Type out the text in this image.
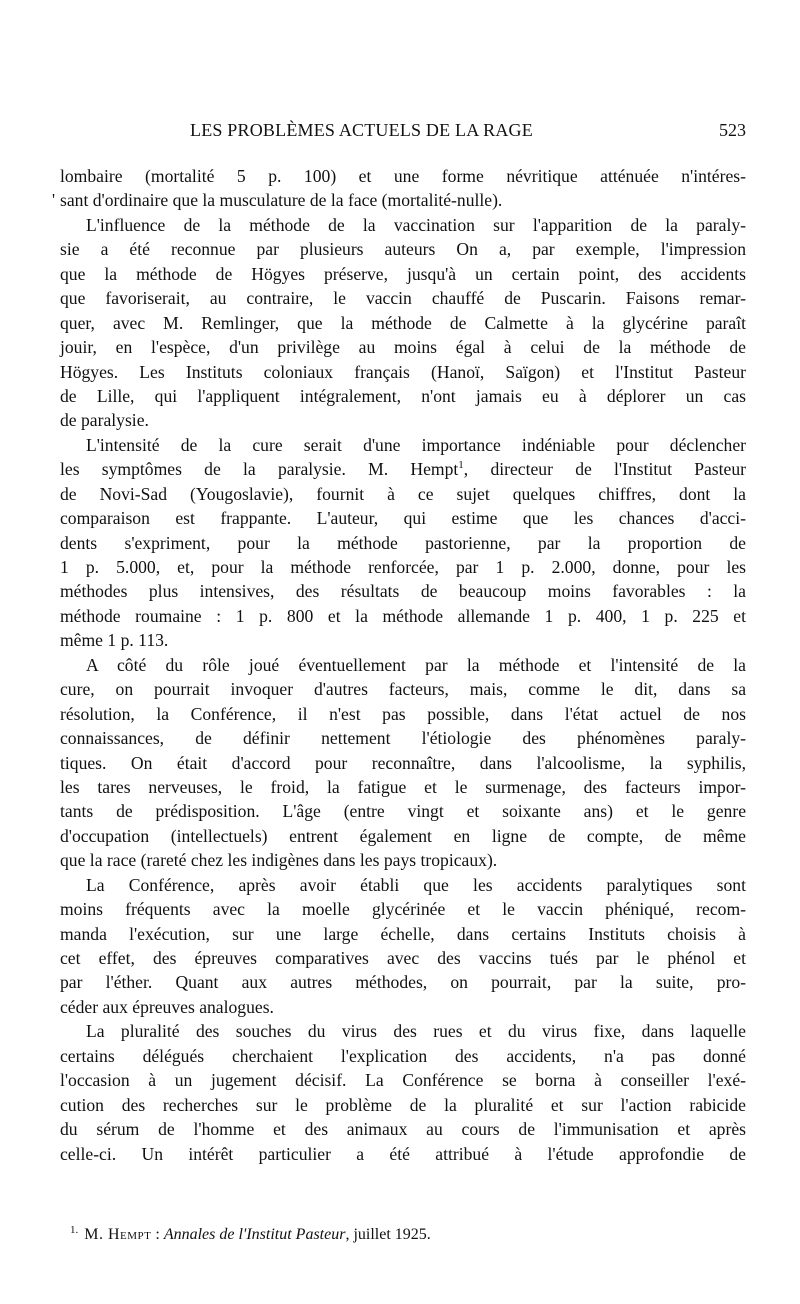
LES PROBLÈMES ACTUELS DE LA RAGE	523
lombaire (mortalité 5 p. 100) et une forme névritique atténuée n'intéres-
' sant d'ordinaire que la musculature de la face (mortalité-nulle).
L'influence de la méthode de la vaccination sur l'apparition de la paraly-
sie a été reconnue par plusieurs auteurs On a, par exemple, l'impression
que la méthode de Högyes préserve, jusqu'à un certain point, des accidents
que favoriserait, au contraire, le vaccin chauffé de Puscarin. Faisons remar-
quer, avec M. Remlinger, que la méthode de Calmette à la glycérine paraît
jouir, en l'espèce, d'un privilège au moins égal à celui de la méthode de
Högyes. Les Instituts coloniaux français (Hanoï, Saïgon) et l'Institut Pasteur
de Lille, qui l'appliquent intégralement, n'ont jamais eu à déplorer un cas
de paralysie.
L'intensité de la cure serait d'une importance indéniable pour déclencher
les symptômes de la paralysie. M. Hempt$^1$, directeur de l'Institut Pasteur
de Novi-Sad (Yougoslavie), fournit à ce sujet quelques chiffres, dont la
comparaison est frappante. L'auteur, qui estime que les chances d'acci-
dents s'expriment, pour la méthode pastorienne, par la proportion de
1 p. 5.000, et, pour la méthode renforcée, par 1 p. 2.000, donne, pour les
méthodes plus intensives, des résultats de beaucoup moins favorables : la
méthode roumaine : 1 p. 800 et la méthode allemande 1 p. 400, 1 p. 225 et
même 1 p. 113.
A côté du rôle joué éventuellement par la méthode et l'intensité de la
cure, on pourrait invoquer d'autres facteurs, mais, comme le dit, dans sa
résolution, la Conférence, il n'est pas possible, dans l'état actuel de nos
connaissances, de définir nettement l'étiologie des phénomènes paraly-
tiques. On était d'accord pour reconnaître, dans l'alcoolisme, la syphilis,
les tares nerveuses, le froid, la fatigue et le surmenage, des facteurs impor-
tants de prédisposition. L'âge (entre vingt et soixante ans) et le genre
d'occupation (intellectuels) entrent également en ligne de compte, de même
que la race (rareté chez les indigènes dans les pays tropicaux).
La Conférence, après avoir établi que les accidents paralytiques sont
moins fréquents avec la moelle glycérinée et le vaccin phéniqué, recom-
manda l'exécution, sur une large échelle, dans certains Instituts choisis à
cet effet, des épreuves comparatives avec des vaccins tués par le phénol et
par l'éther. Quant aux autres méthodes, on pourrait, par la suite, pro-
céder aux épreuves analogues.
La pluralité des souches du virus des rues et du virus fixe, dans laquelle
certains délégués cherchaient l'explication des accidents, n'a pas donné
l'occasion à un jugement décisif. La Conférence se borna à conseiller l'exé-
cution des recherches sur le problème de la pluralité et sur l'action rabicide
du sérum de l'homme et des animaux au cours de l'immunisation et après
celle-ci. Un intérêt particulier a été attribué à l'étude approfondie de
$^{1.}$ M. Hempt : Annales de l'Institut Pasteur, juillet 1925.
